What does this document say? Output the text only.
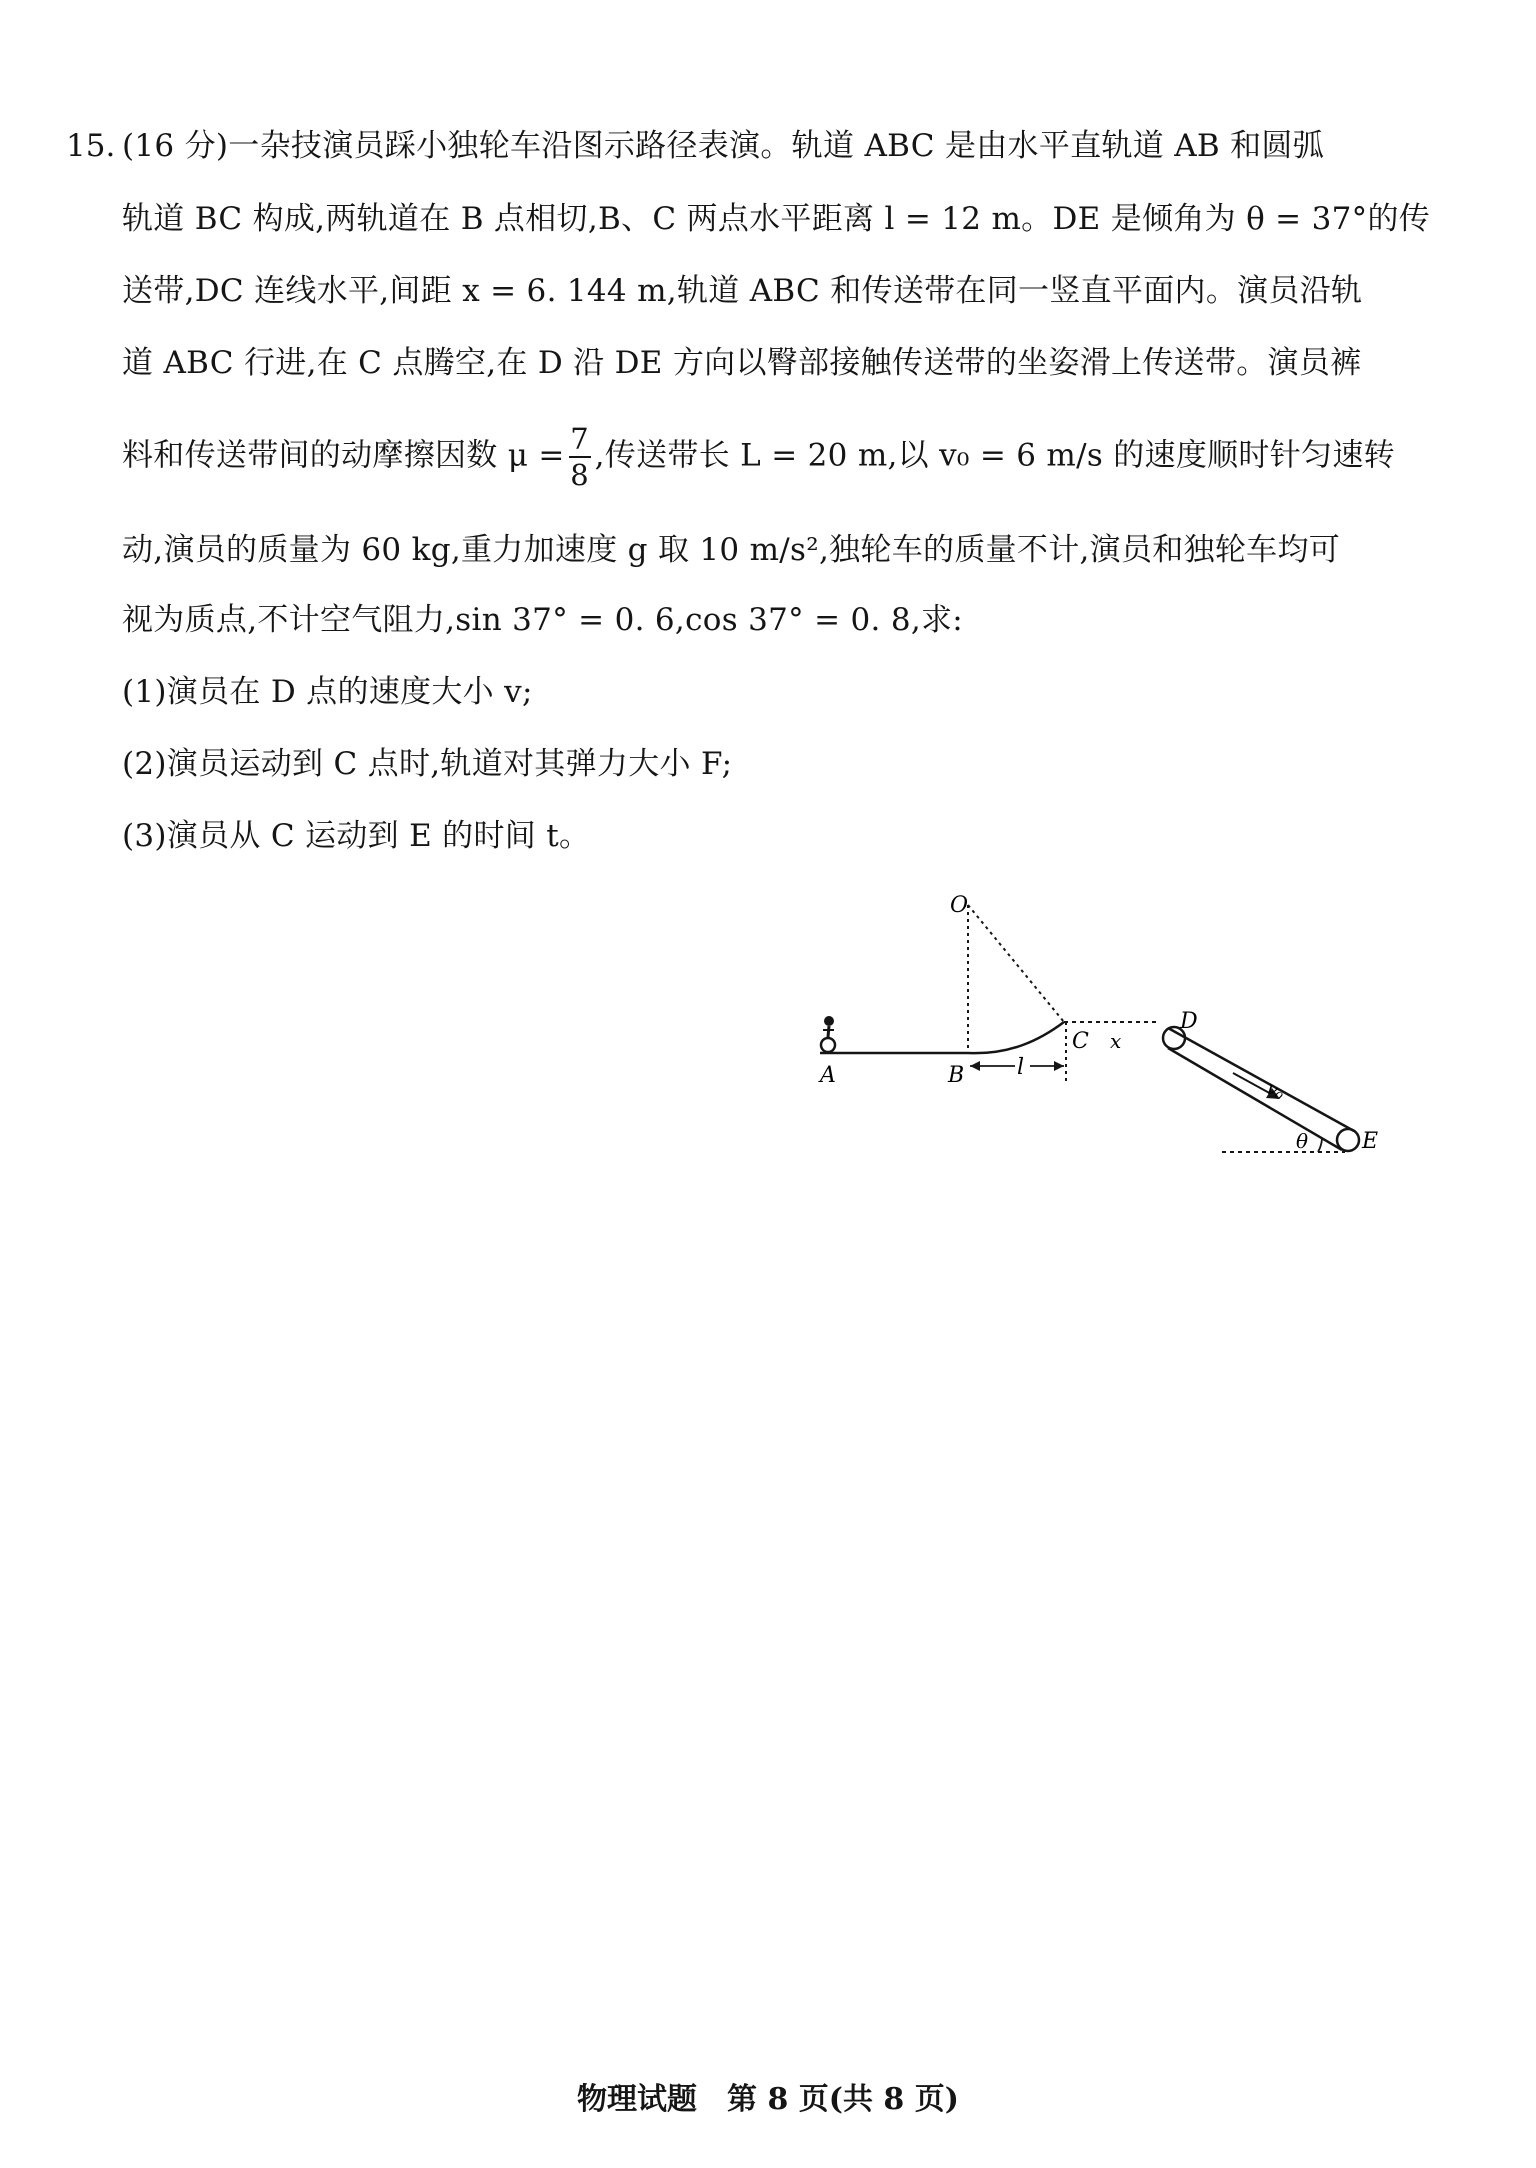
15. (16 分)一杂技演员踩小独轮车沿图示路径表演。轨道 ABC 是由水平直轨道 AB 和圆弧
轨道 BC 构成,两轨道在 B 点相切,B、C 两点水平距离 l = 12 m。DE 是倾角为 θ = 37°的传
送带,DC 连线水平,间距 x = 6. 144 m,轨道 ABC 和传送带在同一竖直平面内。演员沿轨
道 ABC 行进,在 C 点腾空,在 D 沿 DE 方向以臀部接触传送带的坐姿滑上传送带。演员裤
料和传送带间的动摩擦因数 $\mu = \frac{7}{8}$ ,传送带长 L = 20 m,以 v₀ = 6 m/s 的速度顺时针匀速转
动,演员的质量为 60 kg,重力加速度 g 取 10 m/s²,独轮车的质量不计,演员和独轮车均可
视为质点,不计空气阻力,sin 37° = 0. 6,cos 37° = 0. 8,求:
(1)演员在 D 点的速度大小 v;
(2)演员运动到 C 点时,轨道对其弹力大小 F;
(3)演员从 C 运动到 E 的时间 t。
O
A	B
C
D
E
l
x
θ
v₀
物理试题　第 8 页(共 8 页)
